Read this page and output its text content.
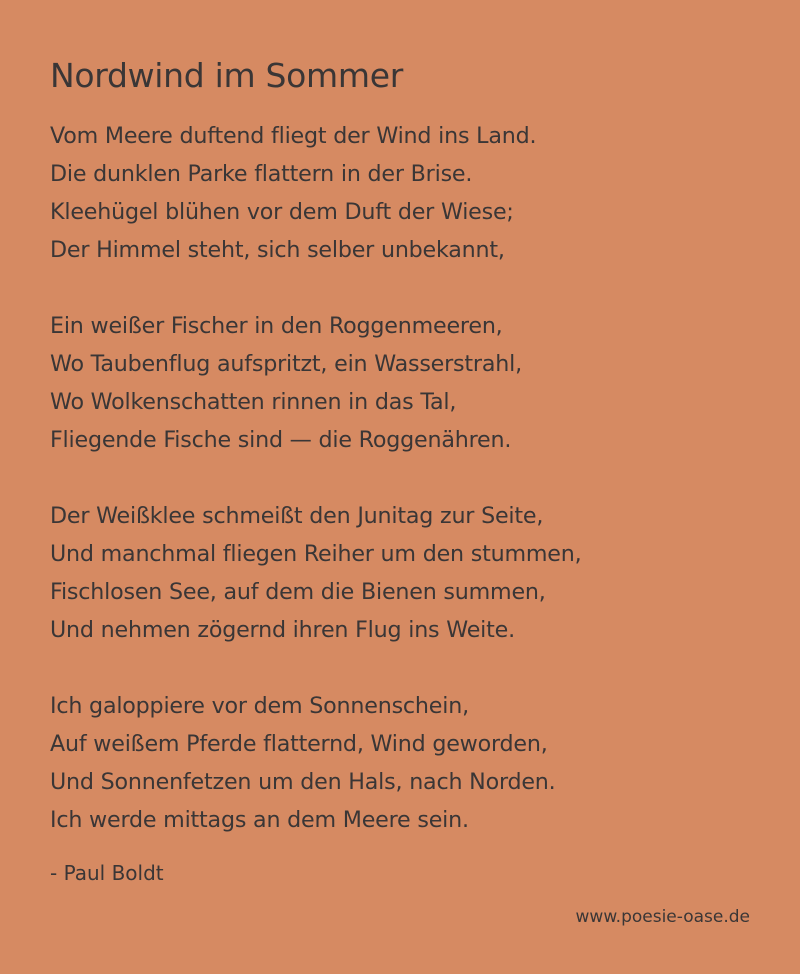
Nordwind im Sommer
Vom Meere duftend fliegt der Wind ins Land.
Die dunklen Parke flattern in der Brise.
Kleehügel blühen vor dem Duft der Wiese;
Der Himmel steht, sich selber unbekannt,
Ein weißer Fischer in den Roggenmeeren,
Wo Taubenflug aufspritzt, ein Wasserstrahl,
Wo Wolkenschatten rinnen in das Tal,
Fliegende Fische sind — die Roggenähren.
Der Weißklee schmeißt den Junitag zur Seite,
Und manchmal fliegen Reiher um den stummen,
Fischlosen See, auf dem die Bienen summen,
Und nehmen zögernd ihren Flug ins Weite.
Ich galoppiere vor dem Sonnenschein,
Auf weißem Pferde flatternd, Wind geworden,
Und Sonnenfetzen um den Hals, nach Norden.
Ich werde mittags an dem Meere sein.
- Paul Boldt
www.poesie-oase.de
